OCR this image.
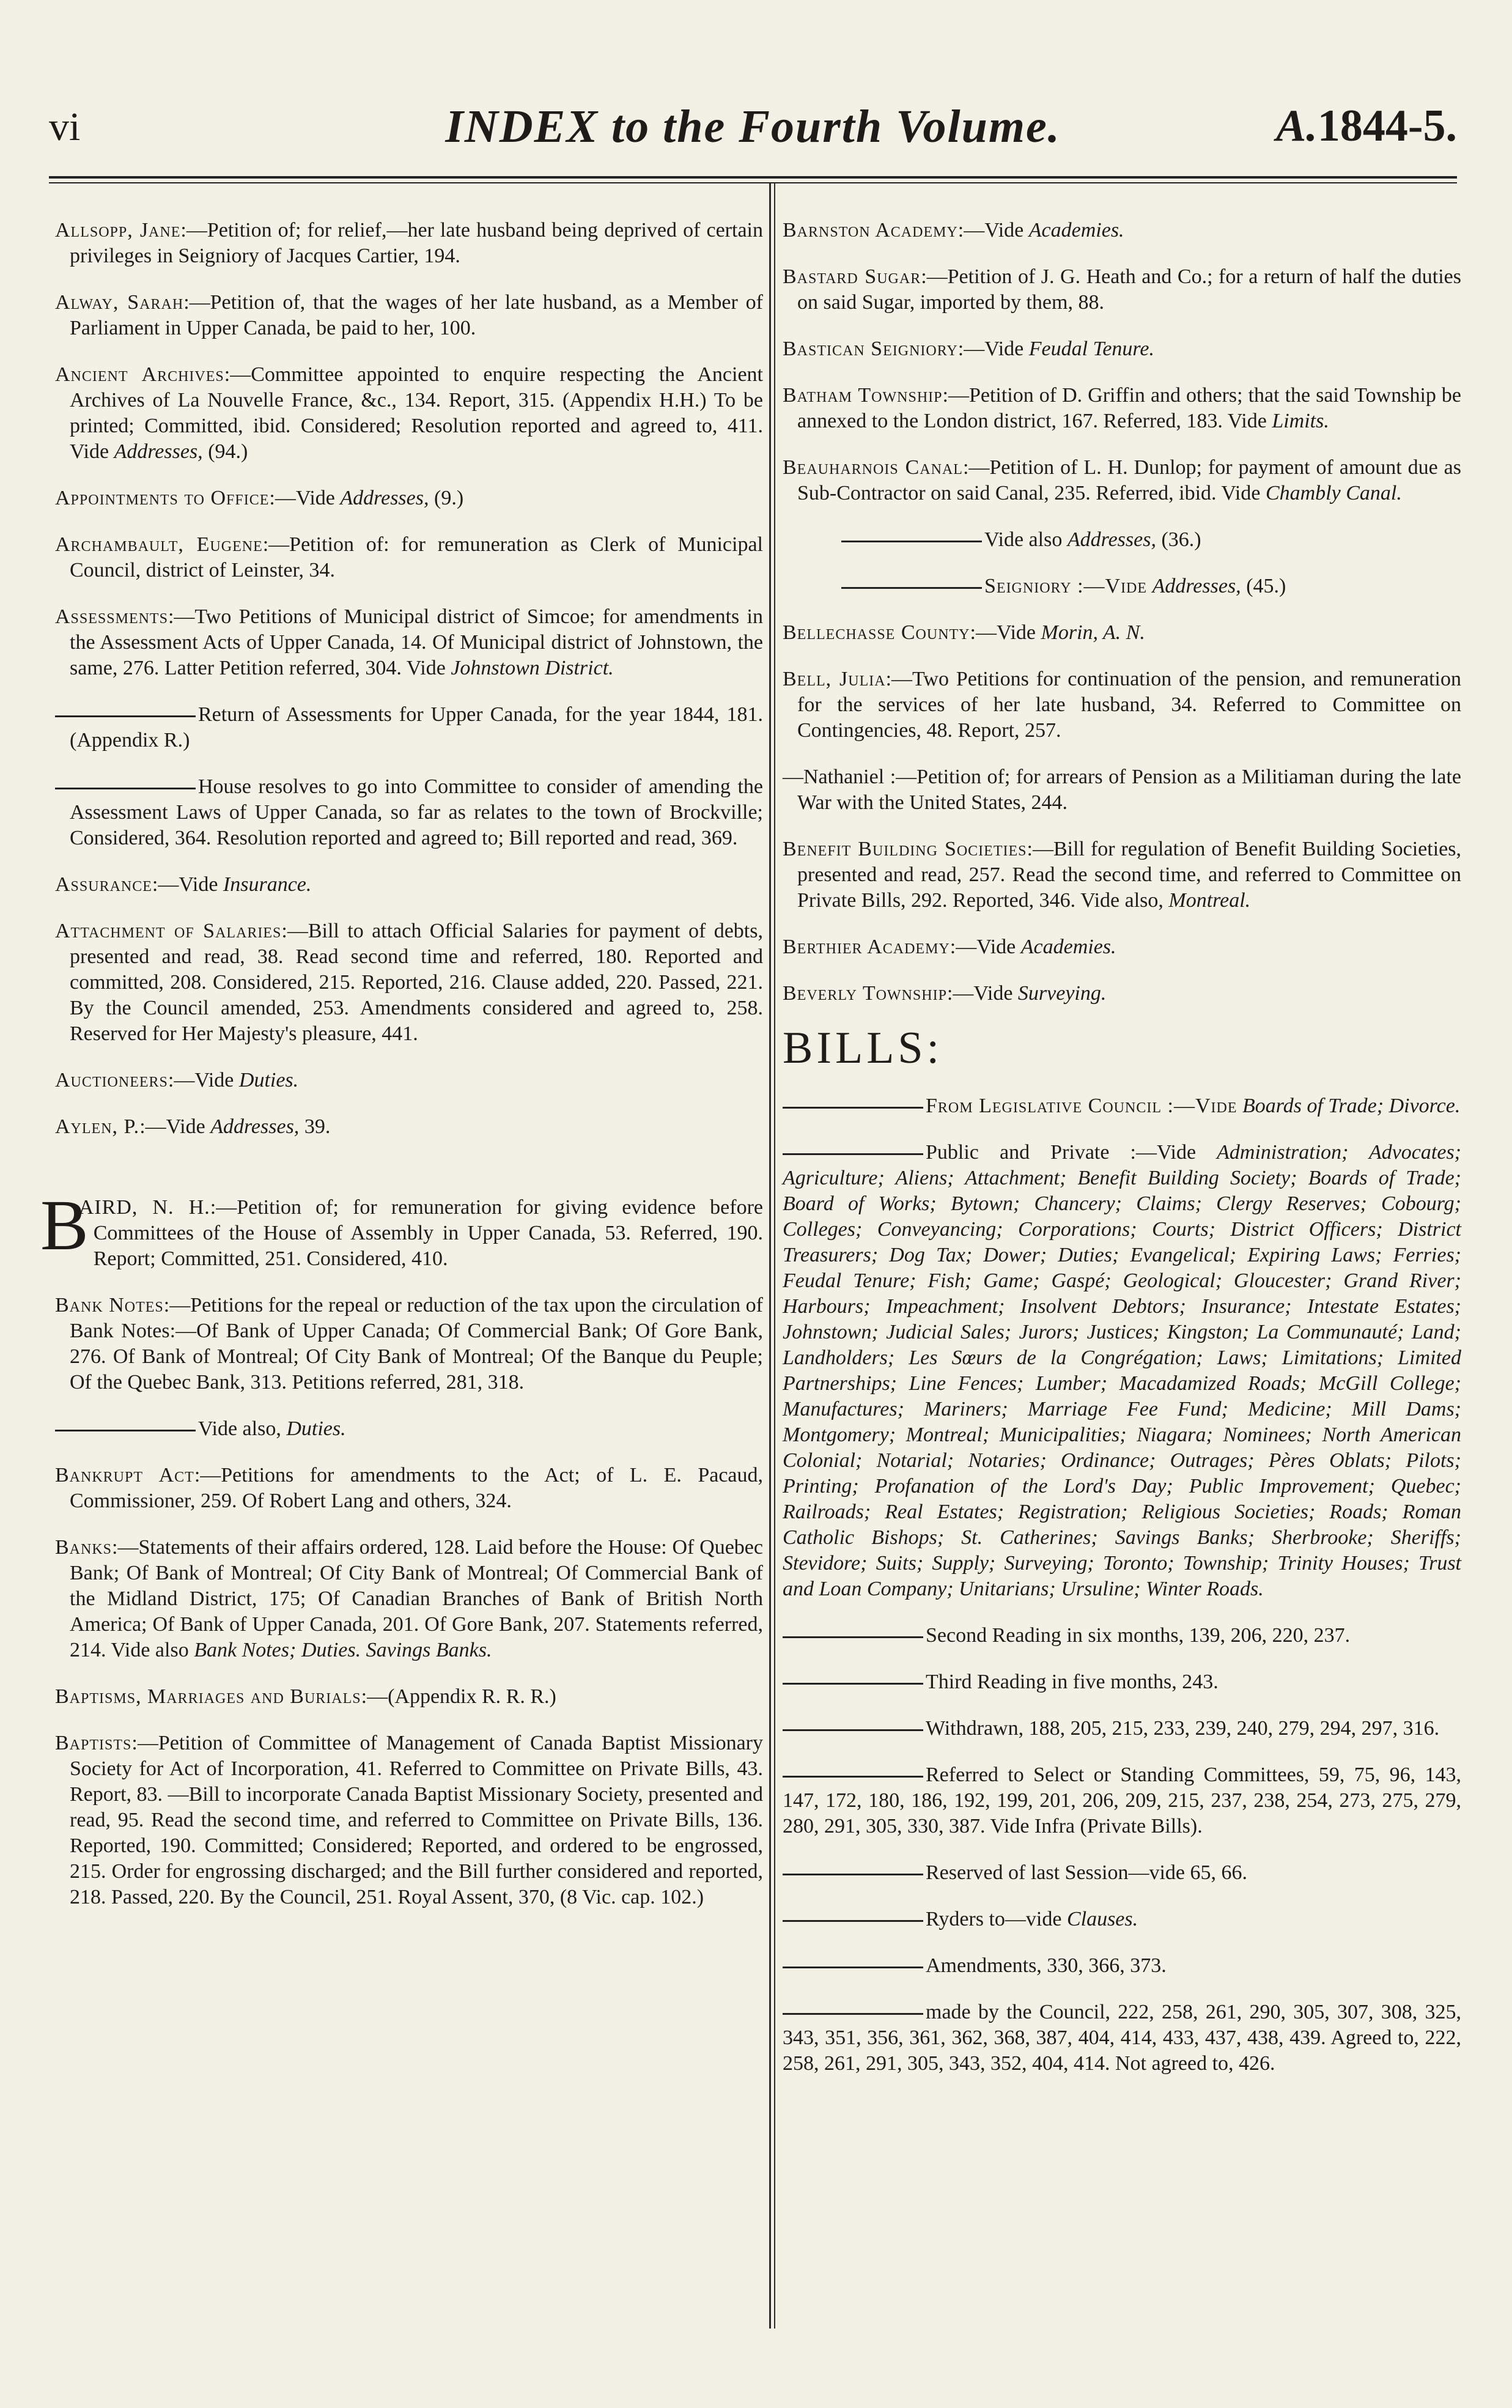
vi	INDEX to the Fourth Volume.	A.1844-5.

Allsopp, Jane:—Petition of; for relief,—her late husband being deprived of certain privileges in Seigniory of Jacques Cartier, 194.

Alway, Sarah:—Petition of, that the wages of her late husband, as a Member of Parliament in Upper Canada, be paid to her, 100.

Ancient Archives:—Committee appointed to enquire respecting the Ancient Archives of La Nouvelle France, &c., 134. Report, 315. (Appendix H.H.) To be printed; Committed, ibid. Considered; Resolution reported and agreed to, 411. Vide Addresses, (94.)

Appointments to Office:—Vide Addresses, (9.)

Archambault, Eugene:—Petition of: for remuneration as Clerk of Municipal Council, district of Leinster, 34.

Assessments:—Two Petitions of Municipal district of Simcoe; for amendments in the Assessment Acts of Upper Canada, 14. Of Municipal district of Johnstown, the same, 276. Latter Petition referred, 304. Vide Johnstown District.

Return of Assessments for Upper Canada, for the year 1844, 181. (Appendix R.)

House resolves to go into Committee to consider of amending the Assessment Laws of Upper Canada, so far as relates to the town of Brockville; Considered, 364. Resolution reported and agreed to; Bill reported and read, 369.

Assurance:—Vide Insurance.

Attachment of Salaries:—Bill to attach Official Salaries for payment of debts, presented and read, 38. Read second time and referred, 180. Reported and committed, 208. Considered, 215. Reported, 216. Clause added, 220. Passed, 221. By the Council amended, 253. Amendments considered and agreed to, 258. Reserved for Her Majesty's pleasure, 441.

Auctioneers:—Vide Duties.

Aylen, P.:—Vide Addresses, 39.

B
AIRD, N. H.:—Petition of; for remuneration for giving evidence before Committees of the House of Assembly in Upper Canada, 53. Referred, 190. Report; Committed, 251. Considered, 410.

Bank Notes:—Petitions for the repeal or reduction of the tax upon the circulation of Bank Notes:—Of Bank of Upper Canada; Of Commercial Bank; Of Gore Bank, 276. Of Bank of Montreal; Of City Bank of Montreal; Of the Banque du Peuple; Of the Quebec Bank, 313. Petitions referred, 281, 318.

Vide also, Duties.

Bankrupt Act:—Petitions for amendments to the Act; of L. E. Pacaud, Commissioner, 259. Of Robert Lang and others, 324.

Banks:—Statements of their affairs ordered, 128. Laid before the House: Of Quebec Bank; Of Bank of Montreal; Of City Bank of Montreal; Of Commercial Bank of the Midland District, 175; Of Canadian Branches of Bank of British North America; Of Bank of Upper Canada, 201. Of Gore Bank, 207. Statements referred, 214. Vide also Bank Notes; Duties. Savings Banks.

Baptisms, Marriages and Burials:—(Appendix R. R. R.)

Baptists:—Petition of Committee of Management of Canada Baptist Missionary Society for Act of Incorporation, 41. Referred to Committee on Private Bills, 43. Report, 83. —Bill to incorporate Canada Baptist Missionary Society, presented and read, 95. Read the second time, and referred to Committee on Private Bills, 136. Reported, 190. Committed; Considered; Reported, and ordered to be engrossed, 215. Order for engrossing discharged; and the Bill further considered and reported, 218. Passed, 220. By the Council, 251. Royal Assent, 370, (8 Vic. cap. 102.)

Barnston Academy:—Vide Academies.

Bastard Sugar:—Petition of J. G. Heath and Co.; for a return of half the duties on said Sugar, imported by them, 88.

Bastican Seigniory:—Vide Feudal Tenure.

Batham Township:—Petition of D. Griffin and others; that the said Township be annexed to the London district, 167. Referred, 183. Vide Limits.

Beauharnois Canal:—Petition of L. H. Dunlop; for payment of amount due as Sub-Contractor on said Canal, 235. Referred, ibid. Vide Chambly Canal.

Vide also Addresses, (36.)

Seigniory :—Vide Addresses, (45.)

Bellechasse County:—Vide Morin, A. N.

Bell, Julia:—Two Petitions for continuation of the pension, and remuneration for the services of her late husband, 34. Referred to Committee on Contingencies, 48. Report, 257.

—Nathaniel :—Petition of; for arrears of Pension as a Militiaman during the late War with the United States, 244.

Benefit Building Societies:—Bill for regulation of Benefit Building Societies, presented and read, 257. Read the second time, and referred to Committee on Private Bills, 292. Reported, 346. Vide also, Montreal.

Berthier Academy:—Vide Academies.

Beverly Township:—Vide Surveying.

BILLS:

From Legislative Council :—Vide Boards of Trade; Divorce.

Public and Private :—Vide Administration; Advocates; Agriculture; Aliens; Attachment; Benefit Building Society; Boards of Trade; Board of Works; Bytown; Chancery; Claims; Clergy Reserves; Cobourg; Colleges; Conveyancing; Corporations; Courts; District Officers; District Treasurers; Dog Tax; Dower; Duties; Evangelical; Expiring Laws; Ferries; Feudal Tenure; Fish; Game; Gaspé; Geological; Gloucester; Grand River; Harbours; Impeachment; Insolvent Debtors; Insurance; Intestate Estates; Johnstown; Judicial Sales; Jurors; Justices; Kingston; La Communauté; Land; Landholders; Les Sœurs de la Congrégation; Laws; Limitations; Limited Partnerships; Line Fences; Lumber; Macadamized Roads; McGill College; Manufactures; Mariners; Marriage Fee Fund; Medicine; Mill Dams; Montgomery; Montreal; Municipalities; Niagara; Nominees; North American Colonial; Notarial; Notaries; Ordinance; Outrages; Pères Oblats; Pilots; Printing; Profanation of the Lord's Day; Public Improvement; Quebec; Railroads; Real Estates; Registration; Religious Societies; Roads; Roman Catholic Bishops; St. Catherines; Savings Banks; Sherbrooke; Sheriffs; Stevidore; Suits; Supply; Surveying; Toronto; Township; Trinity Houses; Trust and Loan Company; Unitarians; Ursuline; Winter Roads.

Second Reading in six months, 139, 206, 220, 237.

Third Reading in five months, 243.

Withdrawn, 188, 205, 215, 233, 239, 240, 279, 294, 297, 316.

Referred to Select or Standing Committees, 59, 75, 96, 143, 147, 172, 180, 186, 192, 199, 201, 206, 209, 215, 237, 238, 254, 273, 275, 279, 280, 291, 305, 330, 387. Vide Infra (Private Bills).

Reserved of last Session—vide 65, 66.

Ryders to—vide Clauses.

Amendments, 330, 366, 373.

made by the Council, 222, 258, 261, 290, 305, 307, 308, 325, 343, 351, 356, 361, 362, 368, 387, 404, 414, 433, 437, 438, 439. Agreed to, 222, 258, 261, 291, 305, 343, 352, 404, 414. Not agreed to, 426.
